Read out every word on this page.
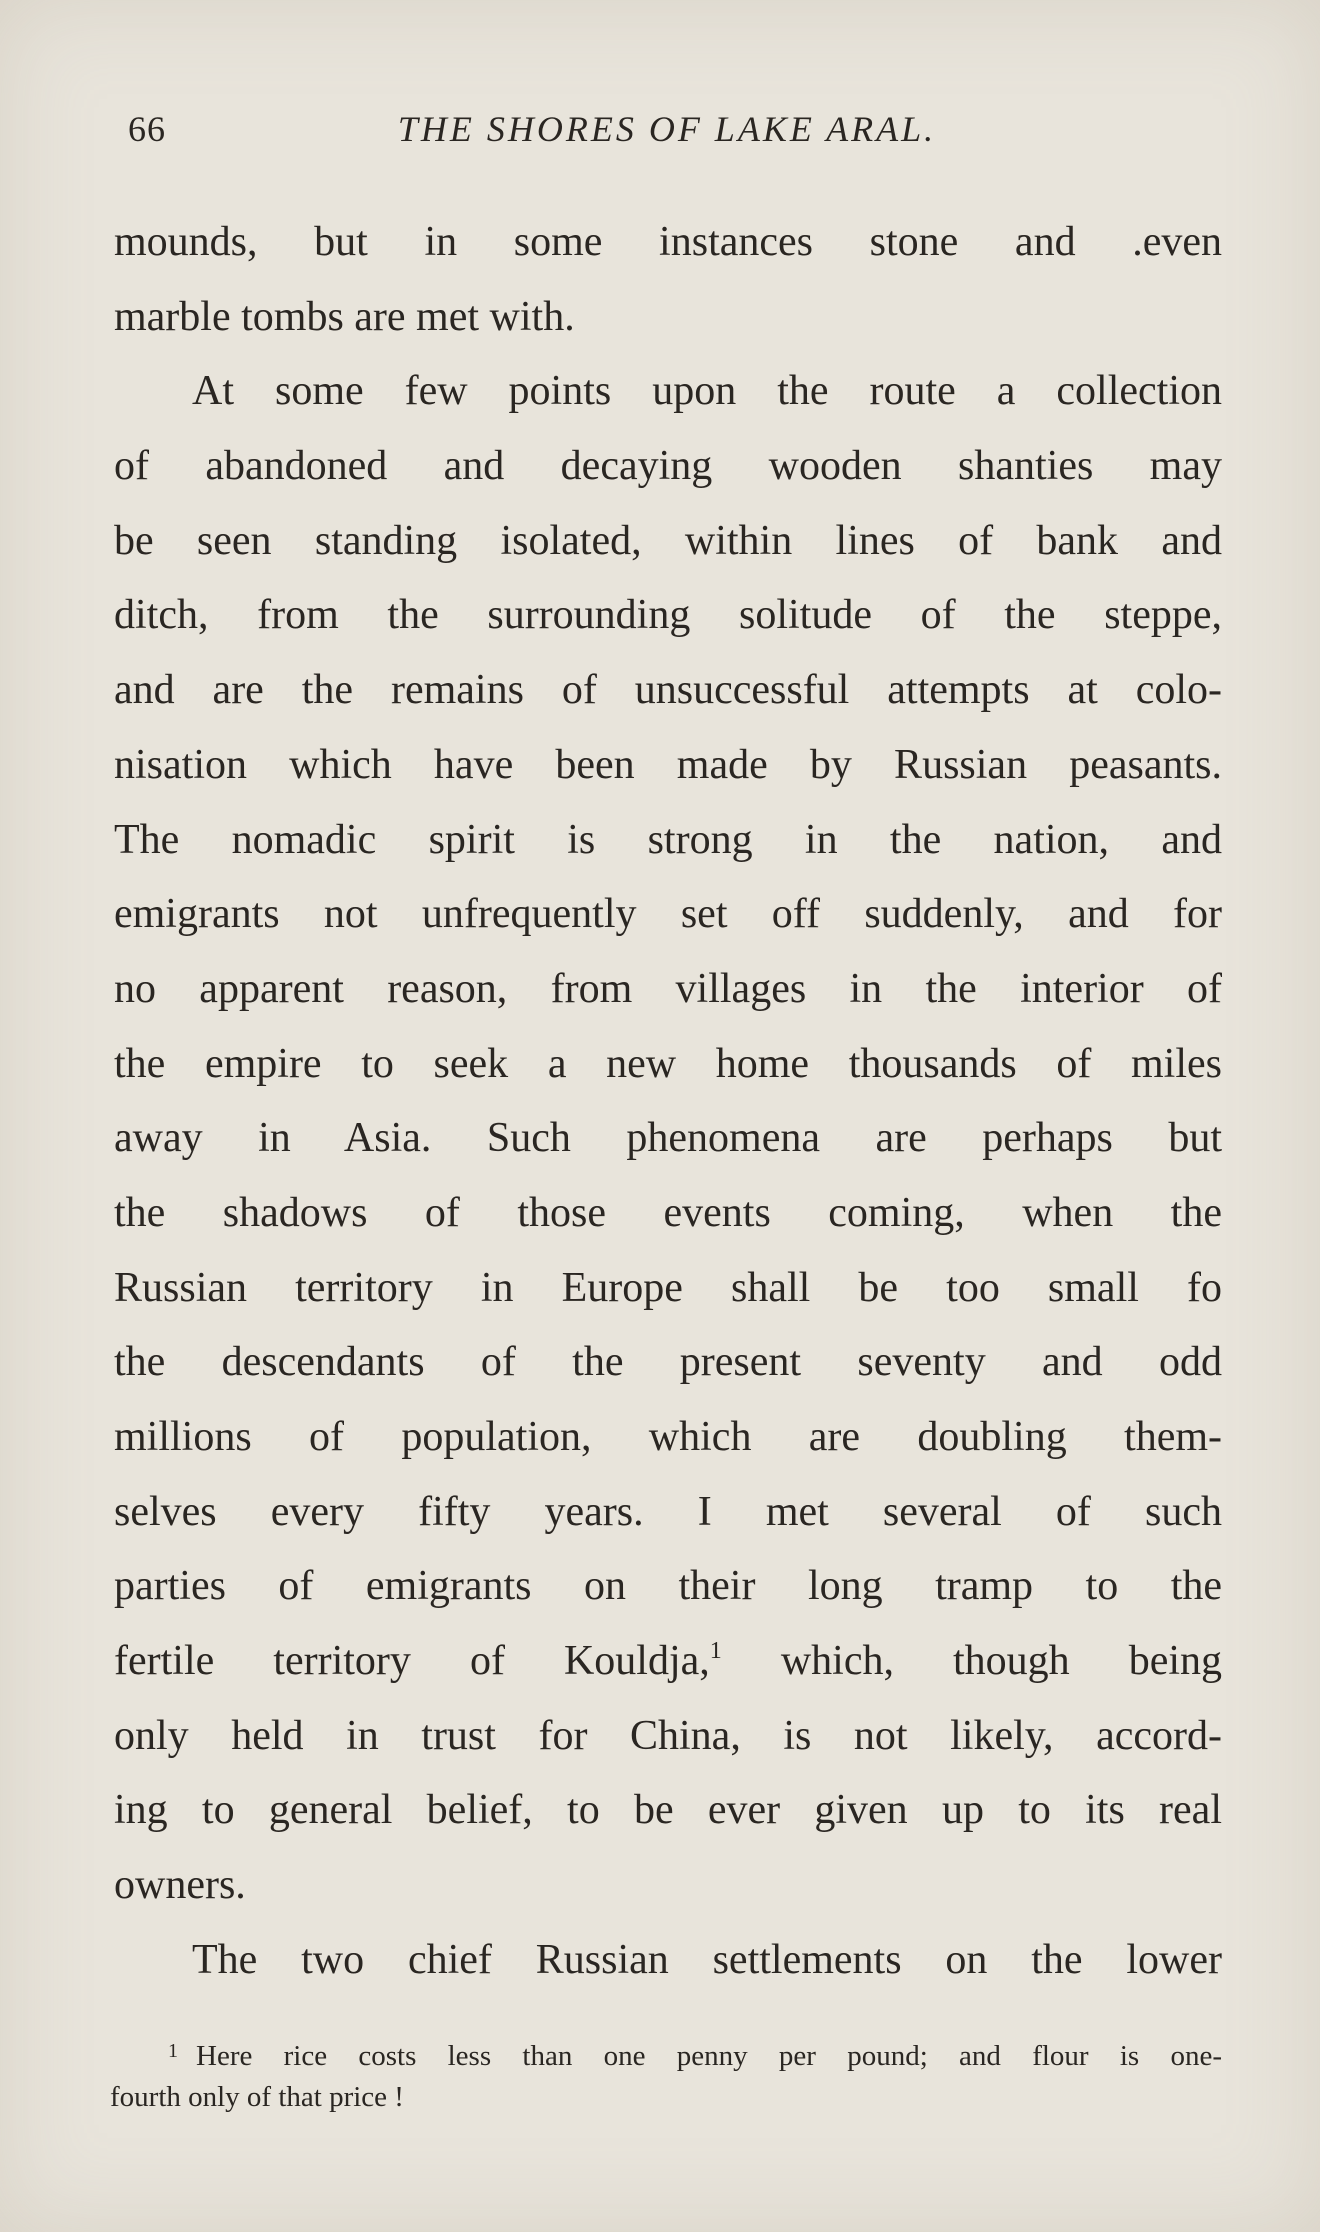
66	THE SHORES OF LAKE ARAL.
mounds, but in some instances stone and .even
marble tombs are met with.
At some few points upon the route a collection
of abandoned and decaying wooden shanties may
be seen standing isolated, within lines of bank and
ditch, from the surrounding solitude of the steppe,
and are the remains of unsuccessful attempts at colo-
nisation which have been made by Russian peasants.
The nomadic spirit is strong in the nation, and
emigrants not unfrequently set off suddenly, and for
no apparent reason, from villages in the interior of
the empire to seek a new home thousands of miles
away in Asia. Such phenomena are perhaps but
the shadows of those events coming, when the
Russian territory in Europe shall be too small fo
the descendants of the present seventy and odd
millions of population, which are doubling them-
selves every fifty years. I met several of such
parties of emigrants on their long tramp to the
fertile territory of Kouldja,$^1$ which, though being
only held in trust for China, is not likely, accord-
ing to general belief, to be ever given up to its real
owners.
The two chief Russian settlements on the lower
$^1$ Here rice costs less than one penny per pound; and flour is one-
fourth only of that price !
